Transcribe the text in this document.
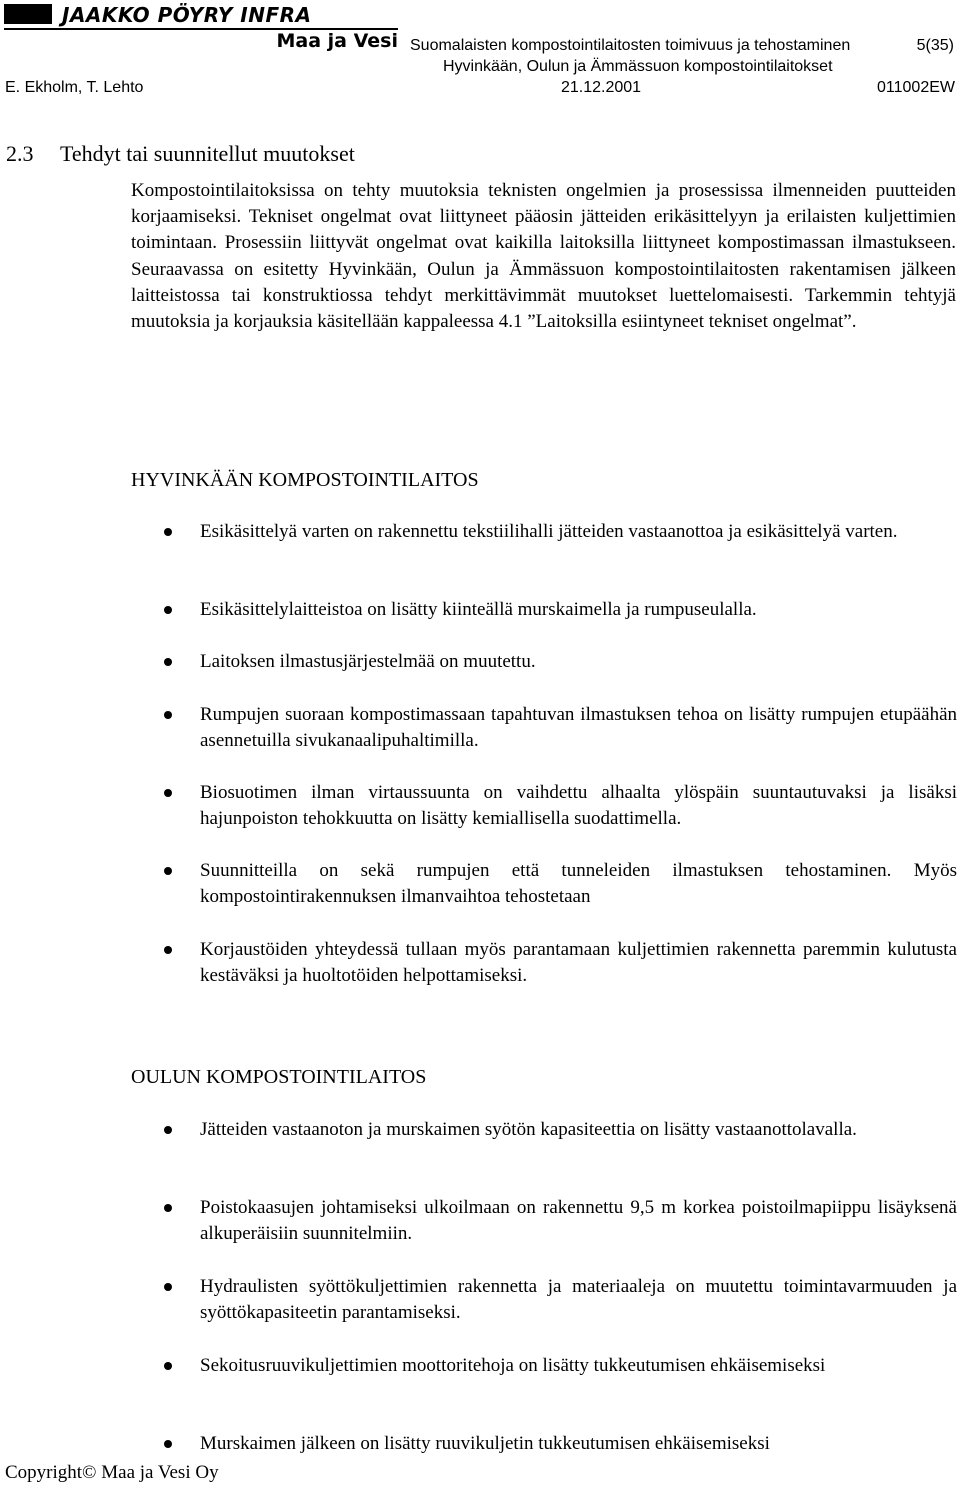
JAAKKO PÖYRY INFRA
Maa ja Vesi Suomalaisten kompostointilaitosten toimivuus ja tehostaminen	5(35)
Hyvinkään, Oulun ja Ämmässuon kompostointilaitokset
E. Ekholm, T. Lehto	21.12.2001	011002EW
2.3 Tehdyt tai suunnitellut muutokset

Kompostointilaitoksissa on tehty muutoksia teknisten ongelmien ja prosessissa ilmenneiden puutteiden korjaamiseksi. Tekniset ongelmat ovat liittyneet pääosin jätteiden erikäsittelyyn ja erilaisten kuljettimien toimintaan. Prosessiin liittyvät ongelmat ovat kaikilla laitoksilla liittyneet kompostimassan ilmastukseen. Seuraavassa on esitetty Hyvinkään, Oulun ja Ämmässuon kompostointilaitosten rakentamisen jälkeen laitteistossa tai konstruktiossa tehdyt merkittävimmät muutokset luettelomaisesti. Tarkemmin tehtyjä muutoksia ja korjauksia käsitellään kappaleessa 4.1 ”Laitoksilla esiintyneet tekniset ongelmat”.

HYVINKÄÄN KOMPOSTOINTILAITOS
Esikäsittelyä varten on rakennettu tekstiilihalli jätteiden vastaanottoa ja esikäsittelyä varten.
Esikäsittelylaitteistoa on lisätty kiinteällä murskaimella ja rumpuseulalla.
Laitoksen ilmastusjärjestelmää on muutettu.
Rumpujen suoraan kompostimassaan tapahtuvan ilmastuksen tehoa on lisätty rumpujen etupäähän asennetuilla sivukanaalipuhaltimilla.
Biosuotimen ilman virtaussuunta on vaihdettu alhaalta ylöspäin suuntautuvaksi ja lisäksi hajunpoiston tehokkuutta on lisätty kemiallisella suodattimella.
Suunnitteilla on sekä rumpujen että tunneleiden ilmastuksen tehostaminen. Myös kompostointirakennuksen ilmanvaihtoa tehostetaan
Korjaustöiden yhteydessä tullaan myös parantamaan kuljettimien rakennetta paremmin kulutusta kestäväksi ja huoltotöiden helpottamiseksi.
OULUN KOMPOSTOINTILAITOS
Jätteiden vastaanoton ja murskaimen syötön kapasiteettia on lisätty vastaanottolavalla.
Poistokaasujen johtamiseksi ulkoilmaan on rakennettu 9,5 m korkea poistoilmapiippu lisäyksenä alkuperäisiin suunnitelmiin.
Hydraulisten syöttökuljettimien rakennetta ja materiaaleja on muutettu toimintavarmuuden ja syöttökapasiteetin parantamiseksi.
Sekoitusruuvikuljettimien moottoritehoja on lisätty tukkeutumisen ehkäisemiseksi
Murskaimen jälkeen on lisätty ruuvikuljetin tukkeutumisen ehkäisemiseksi
Copyright© Maa ja Vesi Oy
